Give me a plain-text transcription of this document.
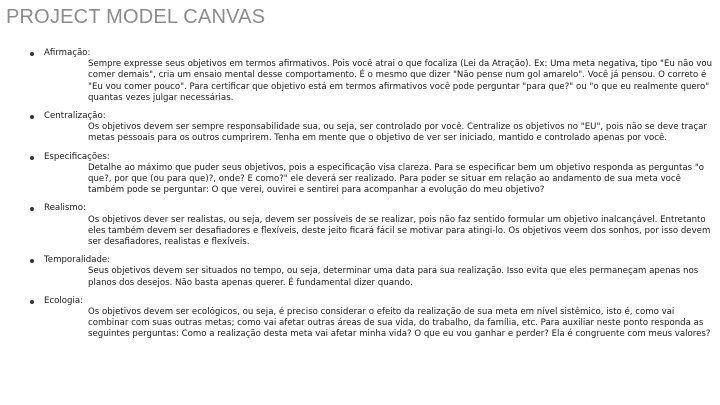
PROJECT MODEL CANVAS
Afirmação:
Sempre expresse seus objetivos em termos afirmativos. Pois você atrai o que focaliza (Lei da Atração). Ex: Uma meta negativa, tipo "Eu não vou comer demais", cria um ensaio mental desse comportamento. É o mesmo que dizer "Não pense num gol amarelo". Você já pensou. O correto é "Eu vou comer pouco". Para certificar que objetivo está em termos afirmativos você pode perguntar "para que?" ou "o que eu realmente quero" quantas vezes julgar necessárias.
Centralização:
Os objetivos devem ser sempre responsabilidade sua, ou seja, ser controlado por você. Centralize os objetivos no "EU", pois não se deve traçar metas pessoais para os outros cumprirem. Tenha em mente que o objetivo de ver ser iniciado, mantido e controlado apenas por você.
Especificações:
Detalhe ao máximo que puder seus objetivos, pois a especificação visa clareza. Para se especificar bem um objetivo responda as perguntas "o que?, por que (ou para que)?, onde? E como?" ele deverá ser realizado. Para poder se situar em relação ao andamento de sua meta você também pode se perguntar: O que verei, ouvirei e sentirei para acompanhar a evolução do meu objetivo?
Realismo:
Os objetivos dever ser realistas, ou seja, devem ser possíveis de se realizar, pois não faz sentido formular um objetivo inalcançável. Entretanto eles também devem ser desafiadores e flexíveis, deste jeito ficará fácil se motivar para atingi-lo. Os objetivos veem dos sonhos, por isso devem ser desafiadores, realistas e flexíveis.
Temporalidade:
Seus objetivos devem ser situados no tempo, ou seja, determinar uma data para sua realização. Isso evita que eles permaneçam apenas nos planos dos desejos. Não basta apenas querer. É fundamental dizer quando.
Ecologia:
Os objetivos devem ser ecológicos, ou seja, é preciso considerar o efeito da realização de sua meta em nível sistêmico, isto é, como vai combinar com suas outras metas; como vai afetar outras áreas de sua vida, do trabalho, da família, etc. Para auxiliar neste ponto responda as seguintes perguntas: Como a realização desta meta vai afetar minha vida? O que eu vou ganhar e perder? Ela é congruente com meus valores?
